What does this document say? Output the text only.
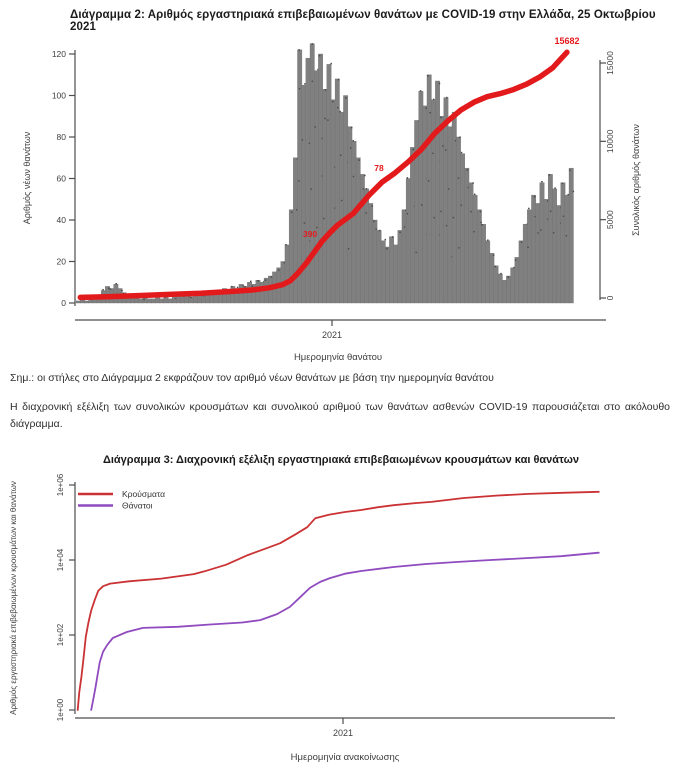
Διάγραμμα 2: Αριθμός εργαστηριακά επιβεβαιωμένων θανάτων με COVID-19 στην Ελλάδα, 25 Οκτωβρίου 2021
0
20
40
60
80
100
120
Αριθμός νέων θανάτων
2021
Ημερομηνία θανάτου
0
5000
10000
15000
Συνολικός αριθμός θανάτων
390
78
15682
Σημ.: οι στήλες στο Διάγραμμα 2 εκφράζουν τον αριθμό νέων θανάτων με βάση την ημερομηνία θανάτου
Η διαχρονική εξέλιξη των συνολικών κρουσμάτων και συνολικού αριθμού των θανάτων ασθενών COVID-19 παρουσιάζεται στο ακόλουθο διάγραμμα.
Διάγραμμα 3: Διαχρονική εξέλιξη εργαστηριακά επιβεβαιωμένων κρουσμάτων και θανάτων
1e+00
1e+02
1e+04
1e+06
Αριθμός εργαστηριακά επιβεβαιωμένων κρουσμάτων και θανάτων
2021
Ημερομηνία ανακοίνωσης
Κρούσματα
Θάνατοι
